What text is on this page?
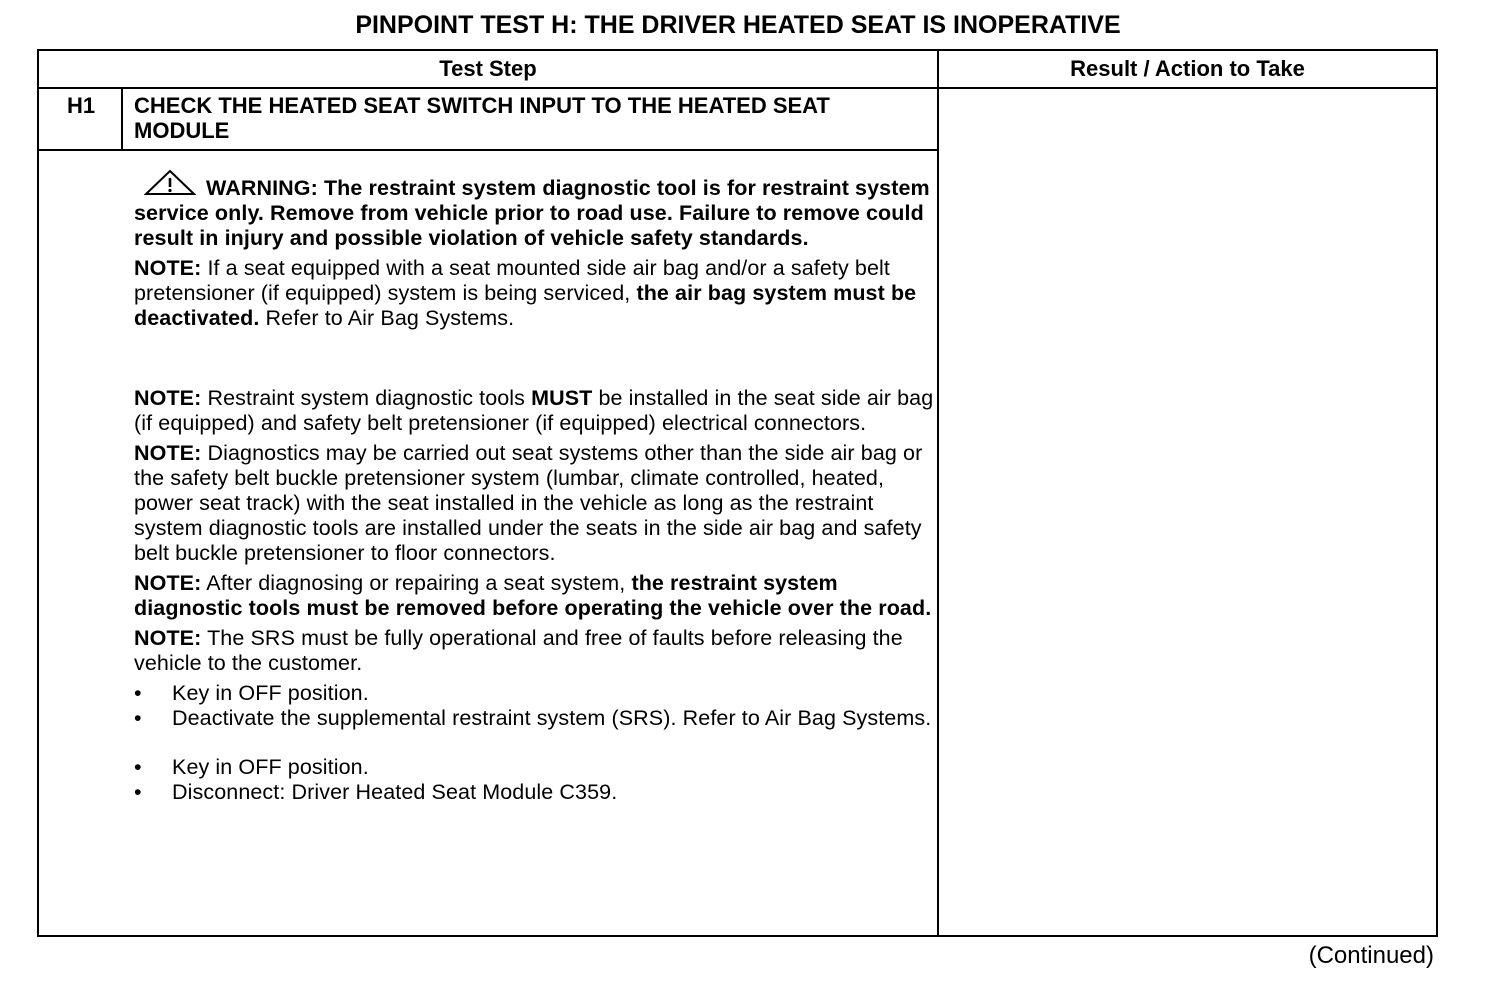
PINPOINT TEST H: THE DRIVER HEATED SEAT IS INOPERATIVE
Test Step	Result / Action to Take
H1 CHECK THE HEATED SEAT SWITCH INPUT TO THE HEATED SEAT MODULE

WARNING: The restraint system diagnostic tool is for restraint system service only. Remove from vehicle prior to road use. Failure to remove could result in injury and possible violation of vehicle safety standards.

NOTE: If a seat equipped with a seat mounted side air bag and/or a safety belt pretensioner (if equipped) system is being serviced, the air bag system must be deactivated. Refer to Air Bag Systems.

NOTE: Restraint system diagnostic tools MUST be installed in the seat side air bag (if equipped) and safety belt pretensioner (if equipped) electrical connectors.

NOTE: Diagnostics may be carried out seat systems other than the side air bag or the safety belt buckle pretensioner system (lumbar, climate controlled, heated, power seat track) with the seat installed in the vehicle as long as the restraint system diagnostic tools are installed under the seats in the side air bag and safety belt buckle pretensioner to floor connectors.

NOTE: After diagnosing or repairing a seat system, the restraint system diagnostic tools must be removed before operating the vehicle over the road.

NOTE: The SRS must be fully operational and free of faults before releasing the vehicle to the customer.

• Key in OFF position.
• Deactivate the supplemental restraint system (SRS). Refer to Air Bag Systems.
• Key in OFF position.
• Disconnect: Driver Heated Seat Module C359.
(Continued)
